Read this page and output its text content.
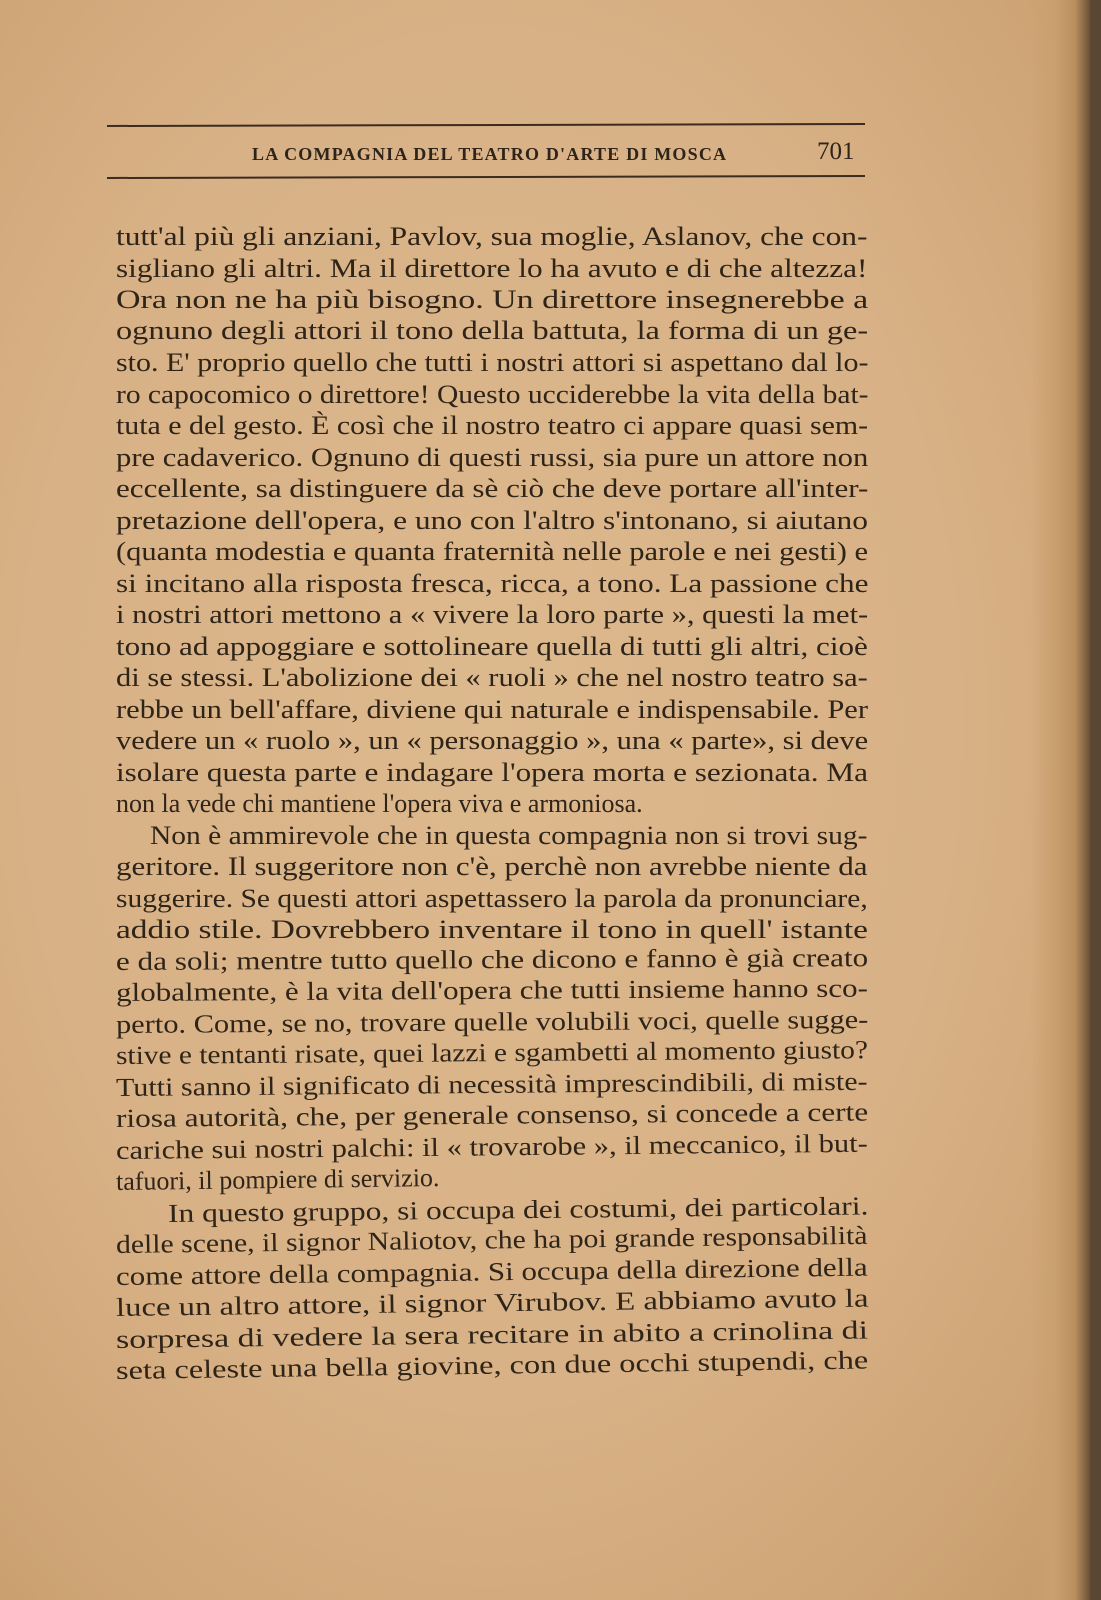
LA COMPAGNIA DEL TEATRO D'ARTE DI MOSCA	701
tutt'al più gli anziani, Pavlov, sua moglie, Aslanov, che con-
sigliano gli altri. Ma il direttore lo ha avuto e di che altezza!
Ora non ne ha più bisogno. Un direttore insegnerebbe a
ognuno degli attori il tono della battuta, la forma di un ge-
sto. E' proprio quello che tutti i nostri attori si aspettano dal lo-
ro capocomico o direttore! Questo ucciderebbe la vita della bat-
tuta e del gesto. È così che il nostro teatro ci appare quasi sem-
pre cadaverico. Ognuno di questi russi, sia pure un attore non
eccellente, sa distinguere da sè ciò che deve portare all'inter-
pretazione dell'opera, e uno con l'altro s'intonano, si aiutano
(quanta modestia e quanta fraternità nelle parole e nei gesti) e
si incitano alla risposta fresca, ricca, a tono. La passione che
i nostri attori mettono a « vivere la loro parte », questi la met-
tono ad appoggiare e sottolineare quella di tutti gli altri, cioè
di se stessi. L'abolizione dei « ruoli » che nel nostro teatro sa-
rebbe un bell'affare, diviene qui naturale e indispensabile. Per
vedere un « ruolo », un « personaggio », una « parte», si deve
isolare questa parte e indagare l'opera morta e sezionata. Ma
non la vede chi mantiene l'opera viva e armoniosa.
Non è ammirevole che in questa compagnia non si trovi sug-
geritore. Il suggeritore non c'è, perchè non avrebbe niente da
suggerire. Se questi attori aspettassero la parola da pronunciare,
addio stile. Dovrebbero inventare il tono in quell' istante
e da soli; mentre tutto quello che dicono e fanno è già creato
globalmente, è la vita dell'opera che tutti insieme hanno sco-
perto. Come, se no, trovare quelle volubili voci, quelle sugge-
stive e tentanti risate, quei lazzi e sgambetti al momento giusto?
Tutti sanno il significato di necessità imprescindibili, di miste-
riosa autorità, che, per generale consenso, si concede a certe
cariche sui nostri palchi: il « trovarobe », il meccanico, il but-
tafuori, il pompiere di servizio.
In questo gruppo, si occupa dei costumi, dei particolari.
delle scene, il signor Naliotov, che ha poi grande responsabilità
come attore della compagnia. Si occupa della direzione della
luce un altro attore, il signor Virubov. E abbiamo avuto la
sorpresa di vedere la sera recitare in abito a crinolina di
seta celeste una bella giovine, con due occhi stupendi, che
